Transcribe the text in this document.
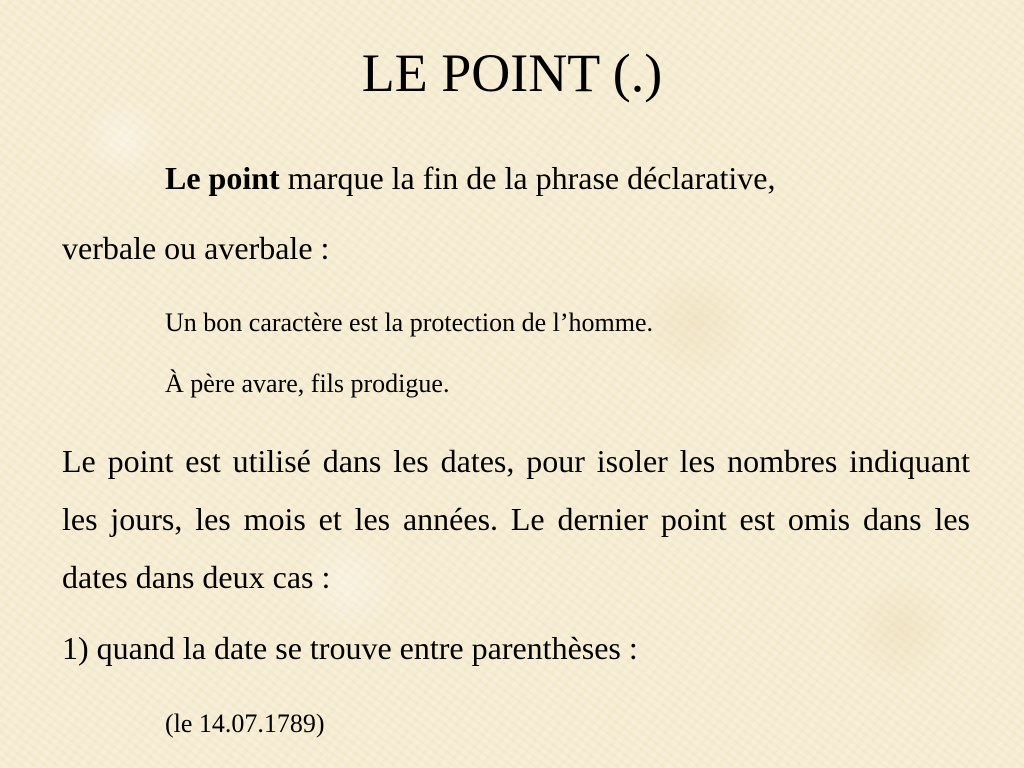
LE POINT (.)
Le point marque la fin de la phrase déclarative,
verbale ou averbale :
Un bon caractère est la protection de l’homme.
À père avare, fils prodigue.
Le point est utilisé dans les dates, pour isoler les nombres indiquant les jours, les mois et les années. Le dernier point est omis dans les dates dans deux cas :
1) quand la date se trouve entre parenthèses :
(le 14.07.1789)
